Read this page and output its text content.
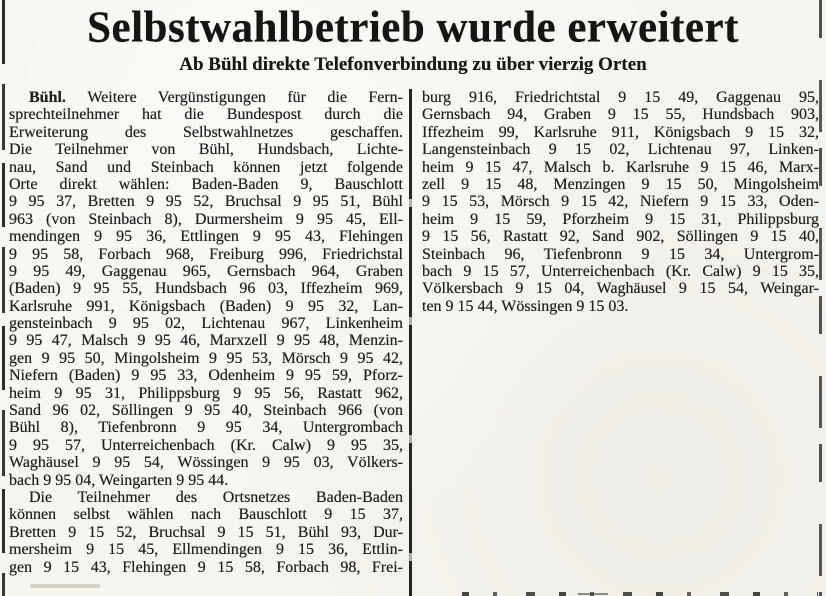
Selbstwahlbetrieb wurde erweitert
Ab Bühl direkte Telefonverbindung zu über vierzig Orten
Bühl. Weitere Vergünstigungen für die Fern-
sprechteilnehmer hat die Bundespost durch die
Erweiterung des Selbstwahlnetzes geschaffen.
Die Teilnehmer von Bühl, Hundsbach, Lichte-
nau, Sand und Steinbach können jetzt folgende
Orte direkt wählen: Baden-Baden 9, Bauschlott
9 95 37, Bretten 9 95 52, Bruchsal 9 95 51, Bühl
963 (von Steinbach 8), Durmersheim 9 95 45, Ell-
mendingen 9 95 36, Ettlingen 9 95 43, Flehingen
9 95 58, Forbach 968, Freiburg 996, Friedrichstal
9 95 49, Gaggenau 965, Gernsbach 964, Graben
(Baden) 9 95 55, Hundsbach 96 03, Iffezheim 969,
Karlsruhe 991, Königsbach (Baden) 9 95 32, Lan-
gensteinbach 9 95 02, Lichtenau 967, Linkenheim
9 95 47, Malsch 9 95 46, Marxzell 9 95 48, Menzin-
gen 9 95 50, Mingolsheim 9 95 53, Mörsch 9 95 42,
Niefern (Baden) 9 95 33, Odenheim 9 95 59, Pforz-
heim 9 95 31, Philippsburg 9 95 56, Rastatt 962,
Sand 96 02, Söllingen 9 95 40, Steinbach 966 (von
Bühl 8), Tiefenbronn 9 95 34, Untergrombach
9 95 57, Unterreichenbach (Kr. Calw) 9 95 35,
Waghäusel 9 95 54, Wössingen 9 95 03, Völkers-
bach 9 95 04, Weingarten 9 95 44.
Die Teilnehmer des Ortsnetzes Baden-Baden
können selbst wählen nach Bauschlott 9 15 37,
Bretten 9 15 52, Bruchsal 9 15 51, Bühl 93, Dur-
mersheim 9 15 45, Ellmendingen 9 15 36, Ettlin-
gen 9 15 43, Flehingen 9 15 58, Forbach 98, Frei-
burg 916, Friedrichtstal 9 15 49, Gaggenau 95,
Gernsbach 94, Graben 9 15 55, Hundsbach 903,
Iffezheim 99, Karlsruhe 911, Königsbach 9 15 32,
Langensteinbach 9 15 02, Lichtenau 97, Linken-
heim 9 15 47, Malsch b. Karlsruhe 9 15 46, Marx-
zell 9 15 48, Menzingen 9 15 50, Mingolsheim
9 15 53, Mörsch 9 15 42, Niefern 9 15 33, Oden-
heim 9 15 59, Pforzheim 9 15 31, Philippsburg
9 15 56, Rastatt 92, Sand 902, Söllingen 9 15 40,
Steinbach 96, Tiefenbronn 9 15 34, Untergrom-
bach 9 15 57, Unterreichenbach (Kr. Calw) 9 15 35,
Völkersbach 9 15 04, Waghäusel 9 15 54, Weingar-
ten 9 15 44, Wössingen 9 15 03.
